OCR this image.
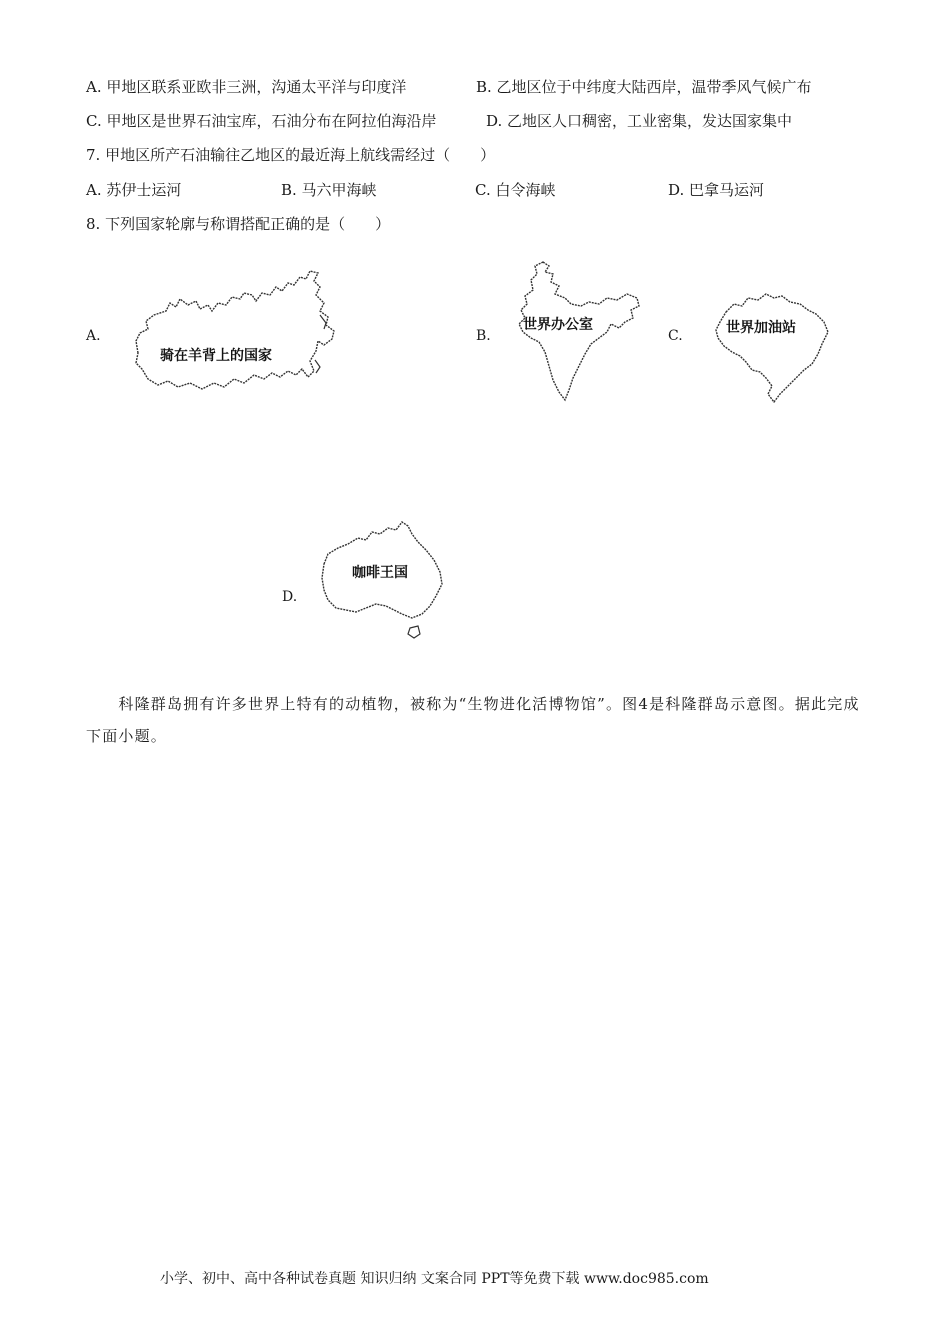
A. 甲地区联系亚欧非三洲，沟通太平洋与印度洋	B. 乙地区位于中纬度大陆西岸，温带季风气候广布
C. 甲地区是世界石油宝库，石油分布在阿拉伯海沿岸	D. 乙地区人口稠密，工业密集，发达国家集中
7. 甲地区所产石油输往乙地区的最近海上航线需经过（　　）
A. 苏伊士运河	B. 马六甲海峡	C. 白令海峡	D. 巴拿马运河
8. 下列国家轮廓与称谓搭配正确的是（　　）
A.
骑在羊背上的国家
B.
世界办公室
C.	世界加油站
D.
咖啡王国
　　科隆群岛拥有许多世界上特有的动植物，被称为“生物进化活博物馆”。图4是科隆群岛示意图。据此完成下面小题。
小学、初中、高中各种试卷真题 知识归纳 文案合同 PPT等免费下载 www.doc985.com
